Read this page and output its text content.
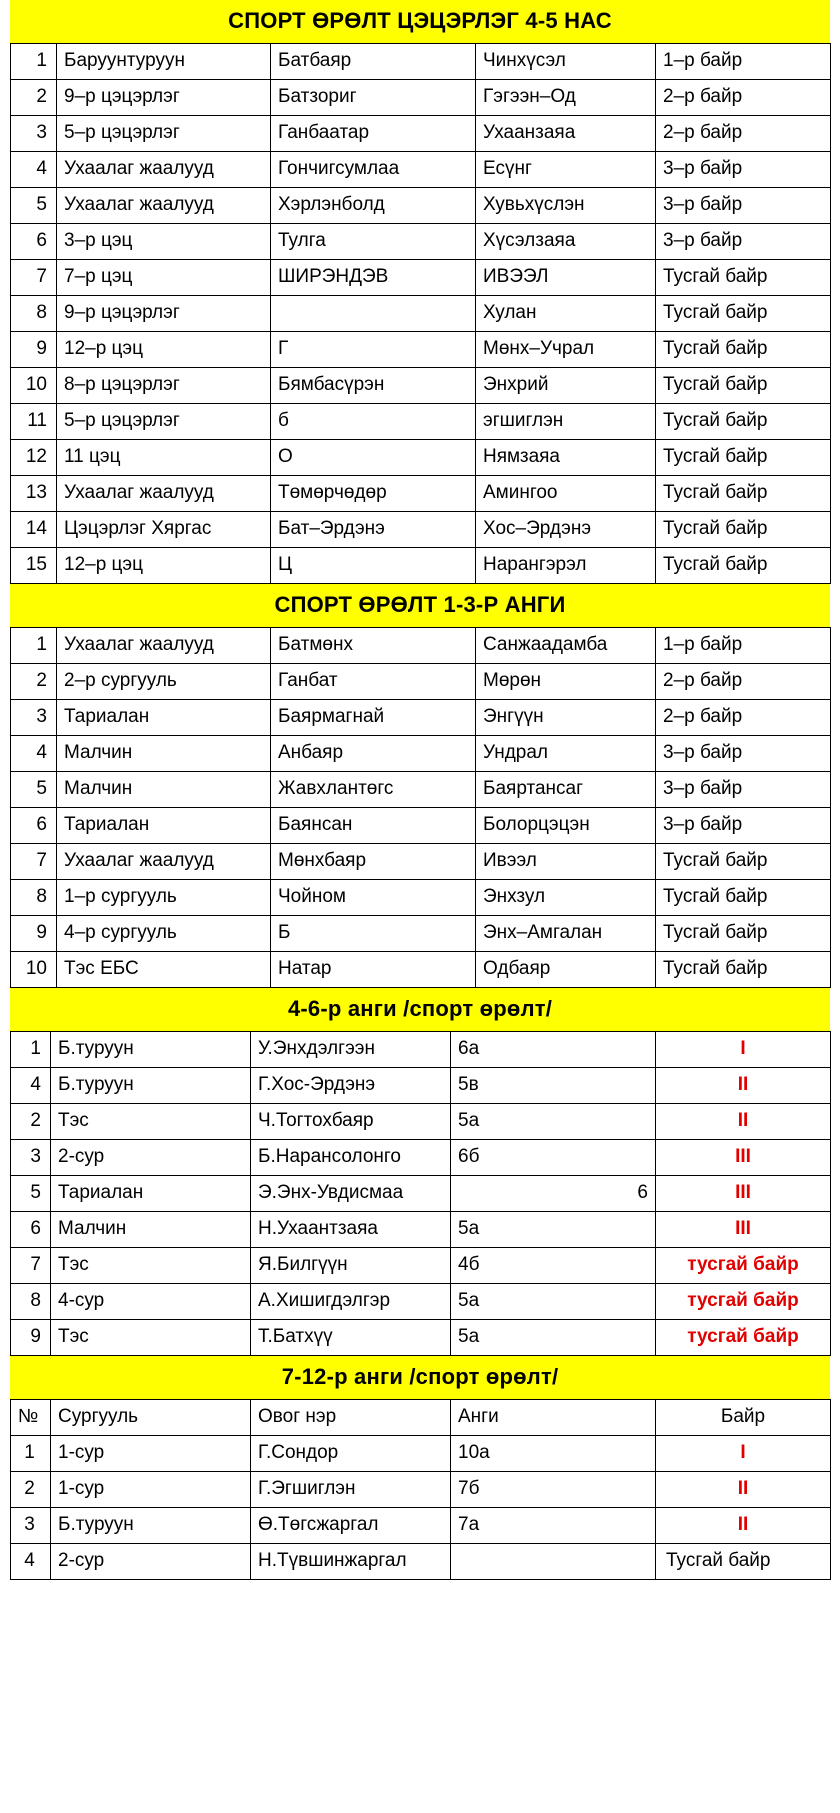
СПОРТ ӨРӨЛТ ЦЭЦЭРЛЭГ 4-5 НАС
1	Баруунтуруун	Батбаяр	Чинхүсэл	1–р байр
2	9–р цэцэрлэг	Батзориг	Гэгээн–Од	2–р байр
3	5–р цэцэрлэг	Ганбаатар	Ухаанзаяа	2–р байр
4	Ухаалаг жаалууд	Гончигсумлаа	Есүнг	3–р байр
5	Ухаалаг жаалууд	Хэрлэнболд	Хувьхүслэн	3–р байр
6	3–р цэц	Тулга	Хүсэлзаяа	3–р байр
7	7–р цэц	ШИРЭНДЭВ	ИВЭЭЛ	Тусгай байр
8	9–р цэцэрлэг		Хулан	Тусгай байр
9	12–р цэц	Г	Мөнх–Учрал	Тусгай байр
10	8–р цэцэрлэг	Бямбасүрэн	Энхрий	Тусгай байр
11	5–р цэцэрлэг	б	эгшиглэн	Тусгай байр
12	11 цэц	О	Нямзаяа	Тусгай байр
13	Ухаалаг жаалууд	Төмөрчөдөр	Амингоо	Тусгай байр
14	Цэцэрлэг Хяргас	Бат–Эрдэнэ	Хос–Эрдэнэ	Тусгай байр
15	12–р цэц	Ц	Нарангэрэл	Тусгай байр
СПОРТ ӨРӨЛТ 1-3-Р АНГИ
1	Ухаалаг жаалууд	Батмөнх	Санжаадамба	1–р байр
2	2–р сургууль	Ганбат	Мөрөн	2–р байр
3	Тариалан	Баярмагнай	Энгүүн	2–р байр
4	Малчин	Анбаяр	Ундрал	3–р байр
5	Малчин	Жавхлантөгс	Баяртансаг	3–р байр
6	Тариалан	Баянсан	Болорцэцэн	3–р байр
7	Ухаалаг жаалууд	Мөнхбаяр	Ивээл	Тусгай байр
8	1–р сургууль	Чойном	Энхзул	Тусгай байр
9	4–р сургууль	Б	Энх–Амгалан	Тусгай байр
10	Тэс ЕБС	Натар	Одбаяр	Тусгай байр
4-6-р анги /спорт өрөлт/
1	Б.туруун	У.Энхдэлгээн	6а	I
4	Б.туруун	Г.Хос-Эрдэнэ	5в	II
2	Тэс	Ч.Тогтохбаяр	5а	II
3	2-сур	Б.Нарансолонго	6б	III
5	Тариалан	Э.Энх-Увдисмаа	6	III
6	Малчин	Н.Ухаантзаяа	5а	III
7	Тэс	Я.Билгүүн	4б	тусгай байр
8	4-сур	А.Хишигдэлгэр	5а	тусгай байр
9	Тэс	Т.Батхүү	5а	тусгай байр
7-12-р анги /спорт өрөлт/
№	Сургууль	Овог нэр	Анги	Байр
1	1-сур	Г.Сондор	10а	I
2	1-сур	Г.Эгшиглэн	7б	II
3	Б.туруун	Ө.Төгсжаргал	7а	II
4	2-сур	Н.Түвшинжаргал		Тусгай байр
